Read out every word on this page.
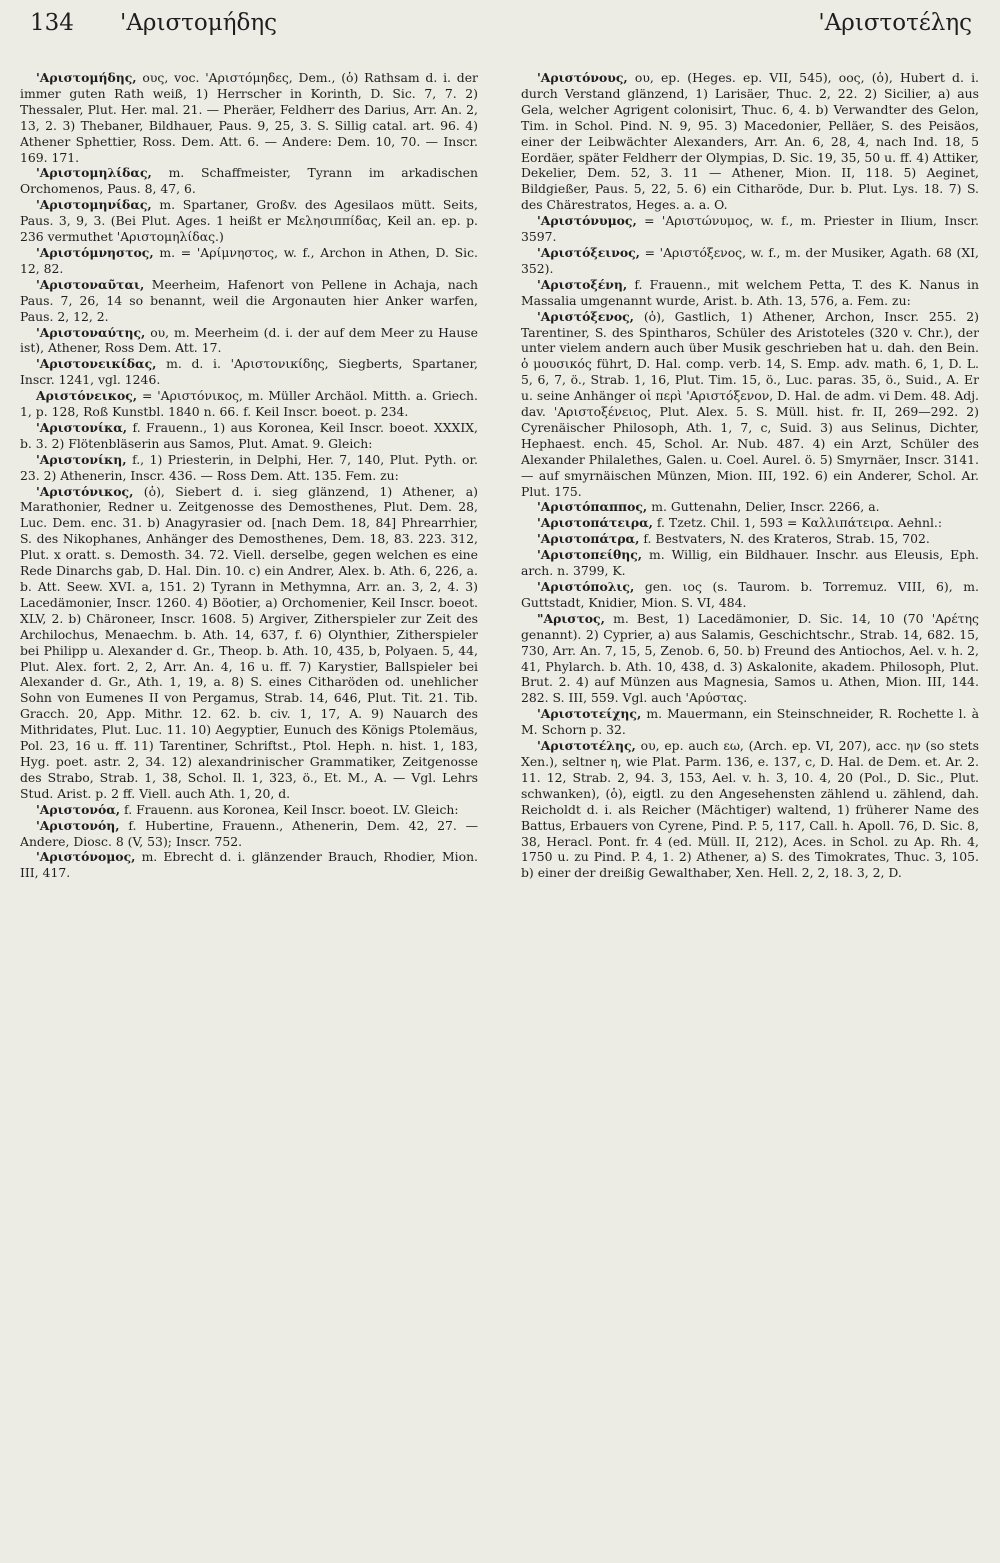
134 'Αριστομήδης	'Αριστοτέλης

'Αριστομήδης, ους, voc. 'Αριστόμηδες, Dem., (ὁ) Rathsam d. i. der immer guten Rath weiß, 1) Herrscher in Korinth, D. Sic. 7, 7. 2) Thessaler, Plut. Her. mal. 21. — Pheräer, Feldherr des Darius, Arr. An. 2, 13, 2. 3) Thebaner, Bildhauer, Paus. 9, 25, 3. S. Sillig catal. art. 96. 4) Athener Sphettier, Ross. Dem. Att. 6. — Andere: Dem. 10, 70. — Inscr. 169. 171.

'Αριστομηλίδας, m. Schaffmeister, Tyrann im arkadischen Orchomenos, Paus. 8, 47, 6.

'Αριστομηνίδας, m. Spartaner, Großv. des Agesilaos mütt. Seits, Paus. 3, 9, 3. (Bei Plut. Ages. 1 heißt er Μελησιππίδας, Keil an. ep. p. 236 vermuthet 'Αριστομηλίδας.)

'Αριστόμνηστος, m. = 'Αρίμνηστος, w. f., Archon in Athen, D. Sic. 12, 82.

'Αριστοναῦται, Meerheim, Hafenort von Pellene in Achaja, nach Paus. 7, 26, 14 so benannt, weil die Argonauten hier Anker warfen, Paus. 2, 12, 2.

'Αριστοναύτης, ου, m. Meerheim (d. i. der auf dem Meer zu Hause ist), Athener, Ross Dem. Att. 17.

'Αριστονεικίδας, m. d. i. 'Αριστονικίδης, Siegberts, Spartaner, Inscr. 1241, vgl. 1246.

Αριστόνεικος, = 'Αριστόνικος, m. Müller Archäol. Mitth. a. Griech. 1, p. 128, Roß Kunstbl. 1840 n. 66. f. Keil Inscr. boeot. p. 234.

'Αριστονίκα, f. Frauenn., 1) aus Koronea, Keil Inscr. boeot. XXXIX, b. 3. 2) Flötenbläserin aus Samos, Plut. Amat. 9. Gleich:

'Αριστονίκη, f., 1) Priesterin, in Delphi, Her. 7, 140, Plut. Pyth. or. 23. 2) Athenerin, Inscr. 436. — Ross Dem. Att. 135. Fem. zu:

'Αριστόνικος, (ὁ), Siebert d. i. sieg glänzend, 1) Athener, a) Marathonier, Redner u. Zeitgenosse des Demosthenes, Plut. Dem. 28, Luc. Dem. enc. 31. b) Anagyrasier od. [nach Dem. 18, 84] Phrearrhier, S. des Nikophanes, Anhänger des Demosthenes, Dem. 18, 83. 223. 312, Plut. x oratt. s. Demosth. 34. 72. Viell. derselbe, gegen welchen es eine Rede Dinarchs gab, D. Hal. Din. 10. c) ein Andrer, Alex. b. Ath. 6, 226, a. b. Att. Seew. XVI. a, 151. 2) Tyrann in Methymna, Arr. an. 3, 2, 4. 3) Lacedämonier, Inscr. 1260. 4) Böotier, a) Orchomenier, Keil Inscr. boeot. XLV, 2. b) Chäroneer, Inscr. 1608. 5) Argiver, Zitherspieler zur Zeit des Archilochus, Menaechm. b. Ath. 14, 637, f. 6) Olynthier, Zitherspieler bei Philipp u. Alexander d. Gr., Theop. b. Ath. 10, 435, b, Polyaen. 5, 44, Plut. Alex. fort. 2, 2, Arr. An. 4, 16 u. ff. 7) Karystier, Ballspieler bei Alexander d. Gr., Ath. 1, 19, a. 8) S. eines Citharöden od. unehlicher Sohn von Eumenes II von Pergamus, Strab. 14, 646, Plut. Tit. 21. Tib. Gracch. 20, App. Mithr. 12. 62. b. civ. 1, 17, A. 9) Nauarch des Mithridates, Plut. Luc. 11. 10) Aegyptier, Eunuch des Königs Ptolemäus, Pol. 23, 16 u. ff. 11) Tarentiner, Schriftst., Ptol. Heph. n. hist. 1, 183, Hyg. poet. astr. 2, 34. 12) alexandrinischer Grammatiker, Zeitgenosse des Strabo, Strab. 1, 38, Schol. Il. 1, 323, ö., Et. M., A. — Vgl. Lehrs Stud. Arist. p. 2 ff. Viell. auch Ath. 1, 20, d.

'Αριστονόα, f. Frauenn. aus Koronea, Keil Inscr. boeot. LV. Gleich:

'Αριστονόη, f. Hubertine, Frauenn., Athenerin, Dem. 42, 27. — Andere, Diosc. 8 (V, 53); Inscr. 752.

'Αριστόνομος, m. Ebrecht d. i. glänzender Brauch, Rhodier, Mion. III, 417.

'Αριστόνους, ου, ep. (Heges. ep. VII, 545), οος, (ὁ), Hubert d. i. durch Verstand glänzend, 1) Larisäer, Thuc. 2, 22. 2) Sicilier, a) aus Gela, welcher Agrigent colonisirt, Thuc. 6, 4. b) Verwandter des Gelon, Tim. in Schol. Pind. N. 9, 95. 3) Macedonier, Pelläer, S. des Peisäos, einer der Leibwächter Alexanders, Arr. An. 6, 28, 4, nach Ind. 18, 5 Eordäer, später Feldherr der Olympias, D. Sic. 19, 35, 50 u. ff. 4) Attiker, Dekelier, Dem. 52, 3. 11 — Athener, Mion. II, 118. 5) Aeginet, Bildgießer, Paus. 5, 22, 5. 6) ein Citharöde, Dur. b. Plut. Lys. 18. 7) S. des Chärestratos, Heges. a. a. O.

'Αριστόνυμος, = 'Αριστώνυμος, w. f., m. Priester in Ilium, Inscr. 3597.

'Αριστόξεινος, = 'Αριστόξενος, w. f., m. der Musiker, Agath. 68 (XI, 352).

'Αριστοξένη, f. Frauenn., mit welchem Petta, T. des K. Nanus in Massalia umgenannt wurde, Arist. b. Ath. 13, 576, a. Fem. zu:

'Αριστόξενος, (ὁ), Gastlich, 1) Athener, Archon, Inscr. 255. 2) Tarentiner, S. des Spintharos, Schüler des Aristoteles (320 v. Chr.), der unter vielem andern auch über Musik geschrieben hat u. dah. den Bein. ὁ μουσικός führt, D. Hal. comp. verb. 14, S. Emp. adv. math. 6, 1, D. L. 5, 6, 7, ö., Strab. 1, 16, Plut. Tim. 15, ö., Luc. paras. 35, ö., Suid., A. Er u. seine Anhänger οἱ περὶ 'Αριστόξενον, D. Hal. de adm. vi Dem. 48. Adj. dav. 'Αριστοξένειος, Plut. Alex. 5. S. Müll. hist. fr. II, 269—292. 2) Cyrenäischer Philosoph, Ath. 1, 7, c, Suid. 3) aus Selinus, Dichter, Hephaest. ench. 45, Schol. Ar. Nub. 487. 4) ein Arzt, Schüler des Alexander Philalethes, Galen. u. Coel. Aurel. ö. 5) Smyrnäer, Inscr. 3141. — auf smyrnäischen Münzen, Mion. III, 192. 6) ein Anderer, Schol. Ar. Plut. 175.

'Αριστόπαππος, m. Guttenahn, Delier, Inscr. 2266, a.

'Αριστοπάτειρα, f. Tzetz. Chil. 1, 593 = Καλλιπάτειρα. Aehnl.:

'Αριστοπάτρα, f. Bestvaters, N. des Krateros, Strab. 15, 702.

'Αριστοπείθης, m. Willig, ein Bildhauer. Inschr. aus Eleusis, Eph. arch. n. 3799, K.

'Αριστόπολις, gen. ιος (s. Taurom. b. Torremuz. VIII, 6), m. Guttstadt, Knidier, Mion. S. VI, 484.

"Αριστος, m. Best, 1) Lacedämonier, D. Sic. 14, 10 (70 'Αρέτης genannt). 2) Cyprier, a) aus Salamis, Geschichtschr., Strab. 14, 682. 15, 730, Arr. An. 7, 15, 5, Zenob. 6, 50. b) Freund des Antiochos, Ael. v. h. 2, 41, Phylarch. b. Ath. 10, 438, d. 3) Askalonite, akadem. Philosoph, Plut. Brut. 2. 4) auf Münzen aus Magnesia, Samos u. Athen, Mion. III, 144. 282. S. III, 559. Vgl. auch 'Αρύστας.

'Αριστοτείχης, m. Mauermann, ein Steinschneider, R. Rochette l. à M. Schorn p. 32.

'Αριστοτέλης, ου, ep. auch εω, (Arch. ep. VI, 207), acc. ην (so stets Xen.), seltner η, wie Plat. Parm. 136, e. 137, c, D. Hal. de Dem. et. Ar. 2. 11. 12, Strab. 2, 94. 3, 153, Ael. v. h. 3, 10. 4, 20 (Pol., D. Sic., Plut. schwanken), (ὁ), eigtl. zu den Angesehensten zählend u. zählend, dah. Reicholdt d. i. als Reicher (Mächtiger) waltend, 1) früherer Name des Battus, Erbauers von Cyrene, Pind. P. 5, 117, Call. h. Apoll. 76, D. Sic. 8, 38, Heracl. Pont. fr. 4 (ed. Müll. II, 212), Aces. in Schol. zu Ap. Rh. 4, 1750 u. zu Pind. P. 4, 1. 2) Athener, a) S. des Timokrates, Thuc. 3, 105. b) einer der dreißig Gewalthaber, Xen. Hell. 2, 2, 18. 3, 2, D.
